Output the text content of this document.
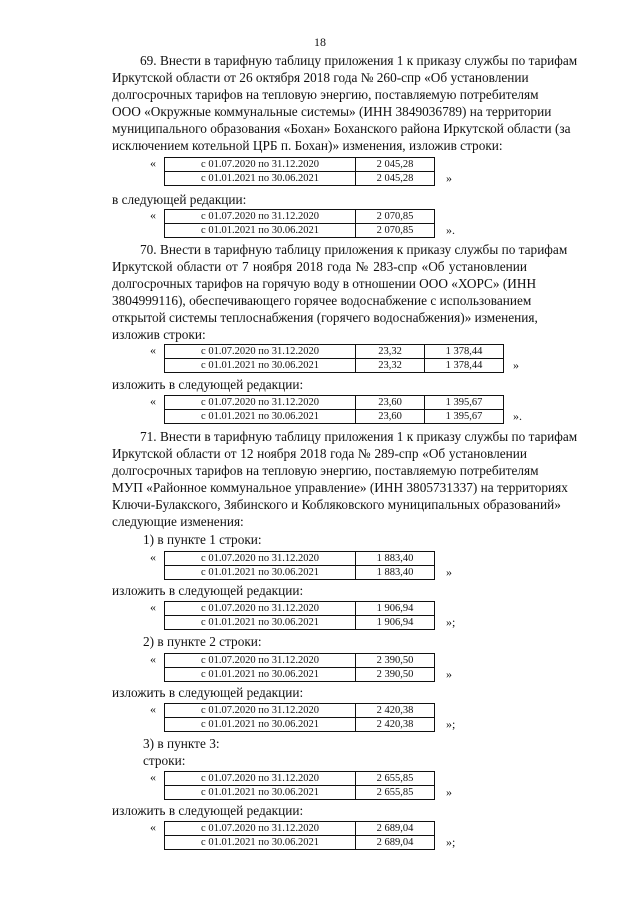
18
69. Внести в тарифную таблицу приложения 1 к приказу службы по тарифам
Иркутской области от 26 октября 2018 года № 260-спр «Об установлении
долгосрочных тарифов на тепловую энергию, поставляемую потребителям
ООО «Окружные коммунальные системы» (ИНН 3849036789) на территории
муниципального образования «Бохан» Боханского района Иркутской области (за
исключением котельной ЦРБ п. Бохан)» изменения, изложив строки:
«	с 01.07.2020 по 31.12.2020	2 045,28
с 01.01.2021 по 30.06.2021	2 045,28	»
в следующей редакции:
«	с 01.07.2020 по 31.12.2020	2 070,85
с 01.01.2021 по 30.06.2021	2 070,85	».
70. Внести в тарифную таблицу приложения к приказу службы по тарифам
Иркутской области от 7 ноября 2018 года № 283-спр «Об установлении
долгосрочных тарифов на горячую воду в отношении ООО «ХОРС» (ИНН
3804999116), обеспечивающего горячее водоснабжение с использованием
открытой системы теплоснабжения (горячего водоснабжения)» изменения,
изложив строки:
«	с 01.07.2020 по 31.12.2020	23,32	1 378,44
с 01.01.2021 по 30.06.2021	23,32	1 378,44	»
изложить в следующей редакции:
«	с 01.07.2020 по 31.12.2020	23,60	1 395,67
с 01.01.2021 по 30.06.2021	23,60	1 395,67	».
71. Внести в тарифную таблицу приложения 1 к приказу службы по тарифам
Иркутской области от 12 ноября 2018 года № 289-спр «Об установлении
долгосрочных тарифов на тепловую энергию, поставляемую потребителям
МУП «Районное коммунальное управление» (ИНН 3805731337) на территориях
Ключи-Булакского, Зябинского и Кобляковского муниципальных образований»
следующие изменения:
1) в пункте 1 строки:
«	с 01.07.2020 по 31.12.2020	1 883,40
с 01.01.2021 по 30.06.2021	1 883,40	»
изложить в следующей редакции:
«	с 01.07.2020 по 31.12.2020	1 906,94
с 01.01.2021 по 30.06.2021	1 906,94	»;
2) в пункте 2 строки:
«	с 01.07.2020 по 31.12.2020	2 390,50
с 01.01.2021 по 30.06.2021	2 390,50	»
изложить в следующей редакции:
«	с 01.07.2020 по 31.12.2020	2 420,38
с 01.01.2021 по 30.06.2021	2 420,38	»;
3) в пункте 3:
строки:
«	с 01.07.2020 по 31.12.2020	2 655,85
с 01.01.2021 по 30.06.2021	2 655,85	»
изложить в следующей редакции:
«	с 01.07.2020 по 31.12.2020	2 689,04
с 01.01.2021 по 30.06.2021	2 689,04	»;
